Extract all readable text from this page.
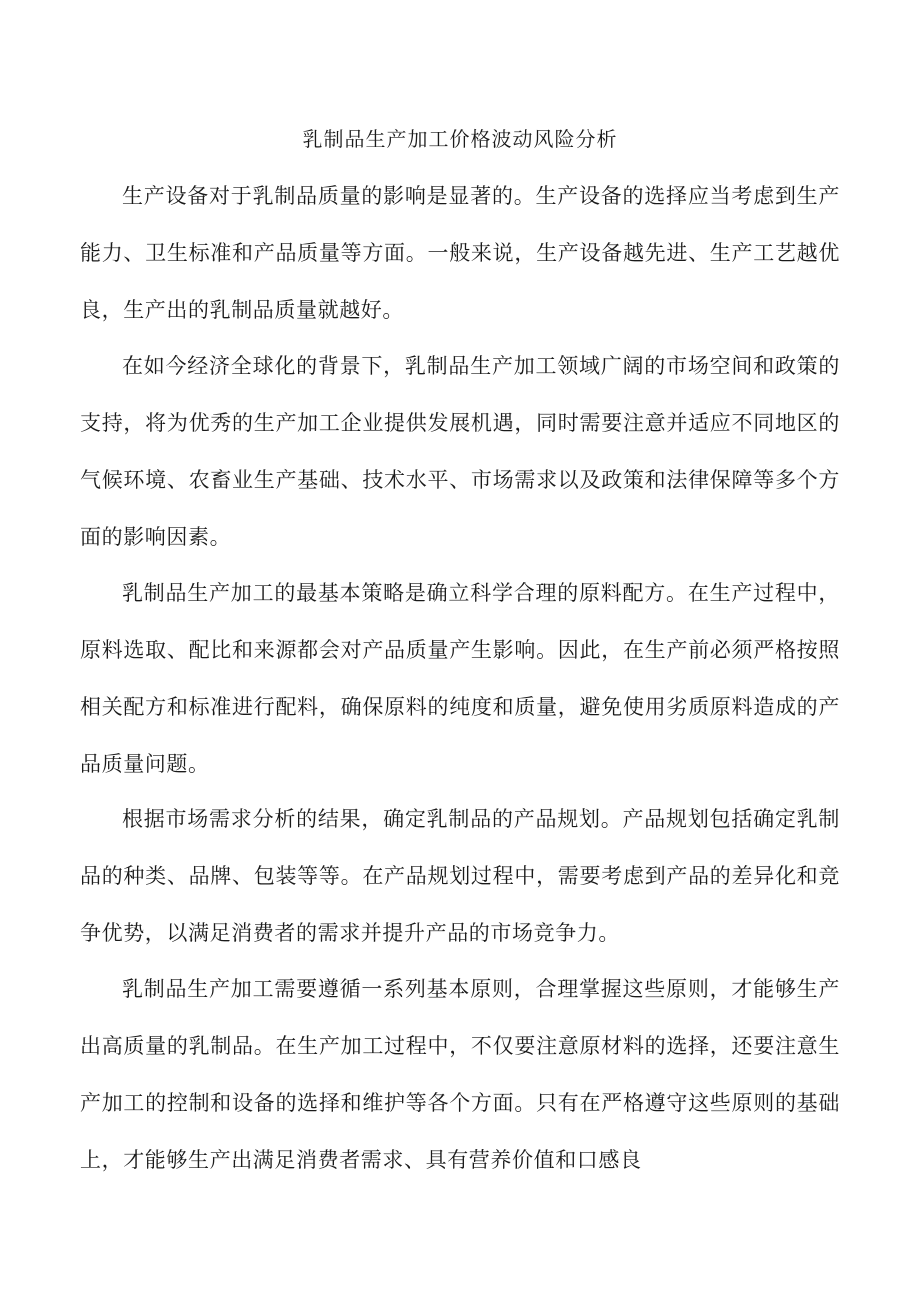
乳制品生产加工价格波动风险分析

生产设备对于乳制品质量的影响是显著的。生产设备的选择应当考虑到生产能力、卫生标准和产品质量等方面。一般来说，生产设备越先进、生产工艺越优良，生产出的乳制品质量就越好。

在如今经济全球化的背景下，乳制品生产加工领域广阔的市场空间和政策的支持，将为优秀的生产加工企业提供发展机遇，同时需要注意并适应不同地区的气候环境、农畜业生产基础、技术水平、市场需求以及政策和法律保障等多个方面的影响因素。

乳制品生产加工的最基本策略是确立科学合理的原料配方。在生产过程中，原料选取、配比和来源都会对产品质量产生影响。因此，在生产前必须严格按照相关配方和标准进行配料，确保原料的纯度和质量，避免使用劣质原料造成的产品质量问题。

根据市场需求分析的结果，确定乳制品的产品规划。产品规划包括确定乳制品的种类、品牌、包装等等。在产品规划过程中，需要考虑到产品的差异化和竞争优势，以满足消费者的需求并提升产品的市场竞争力。

乳制品生产加工需要遵循一系列基本原则，合理掌握这些原则，才能够生产出高质量的乳制品。在生产加工过程中，不仅要注意原材料的选择，还要注意生产加工的控制和设备的选择和维护等各个方面。只有在严格遵守这些原则的基础上，才能够生产出满足消费者需求、具有营养价值和口感良
